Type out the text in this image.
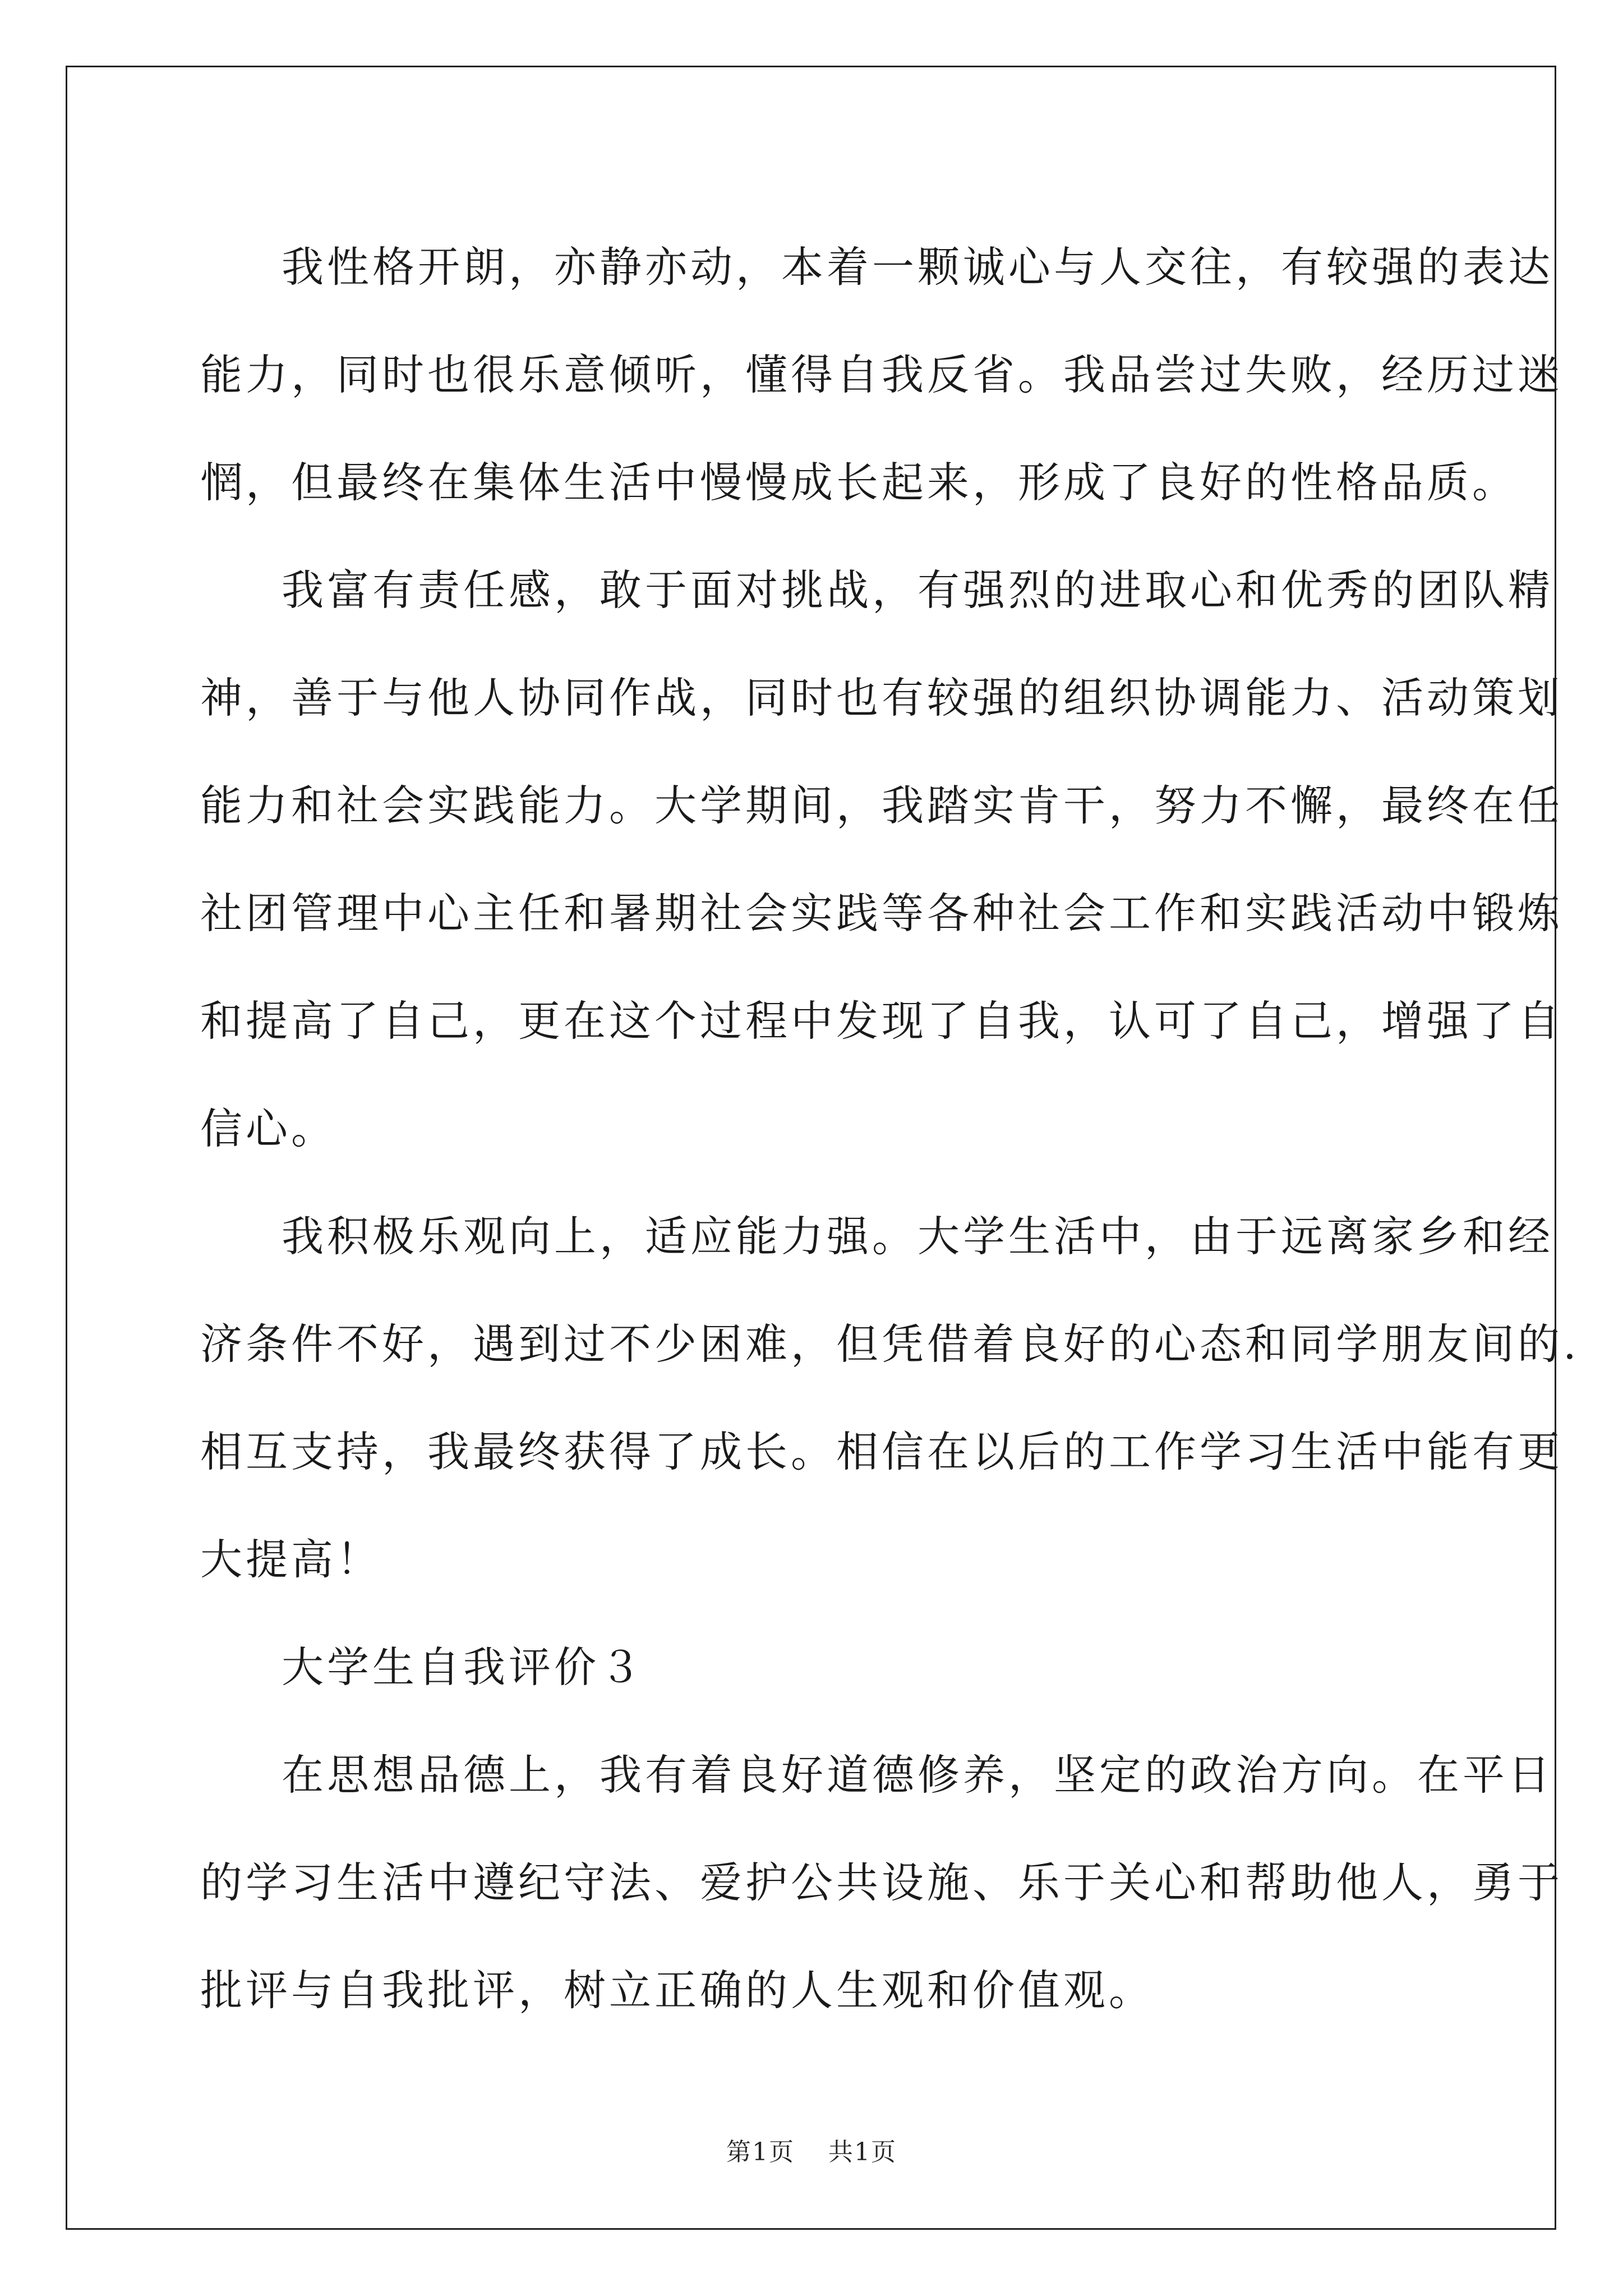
我性格开朗，亦静亦动，本着一颗诚心与人交往，有较强的表达
能力，同时也很乐意倾听，懂得自我反省。我品尝过失败，经历过迷
惘，但最终在集体生活中慢慢成长起来，形成了良好的性格品质。
我富有责任感，敢于面对挑战，有强烈的进取心和优秀的团队精
神，善于与他人协同作战，同时也有较强的组织协调能力、活动策划
能力和社会实践能力。大学期间，我踏实肯干，努力不懈，最终在任
社团管理中心主任和暑期社会实践等各种社会工作和实践活动中锻炼
和提高了自己，更在这个过程中发现了自我，认可了自己，增强了自
信心。
我积极乐观向上，适应能力强。大学生活中，由于远离家乡和经
济条件不好，遇到过不少困难，但凭借着良好的心态和同学朋友间的.
相互支持，我最终获得了成长。相信在以后的工作学习生活中能有更
大提高！
大学生自我评价３
在思想品德上，我有着良好道德修养，坚定的政治方向。在平日
的学习生活中遵纪守法、爱护公共设施、乐于关心和帮助他人，勇于
批评与自我批评，树立正确的人生观和价值观。
第1页 共1页
